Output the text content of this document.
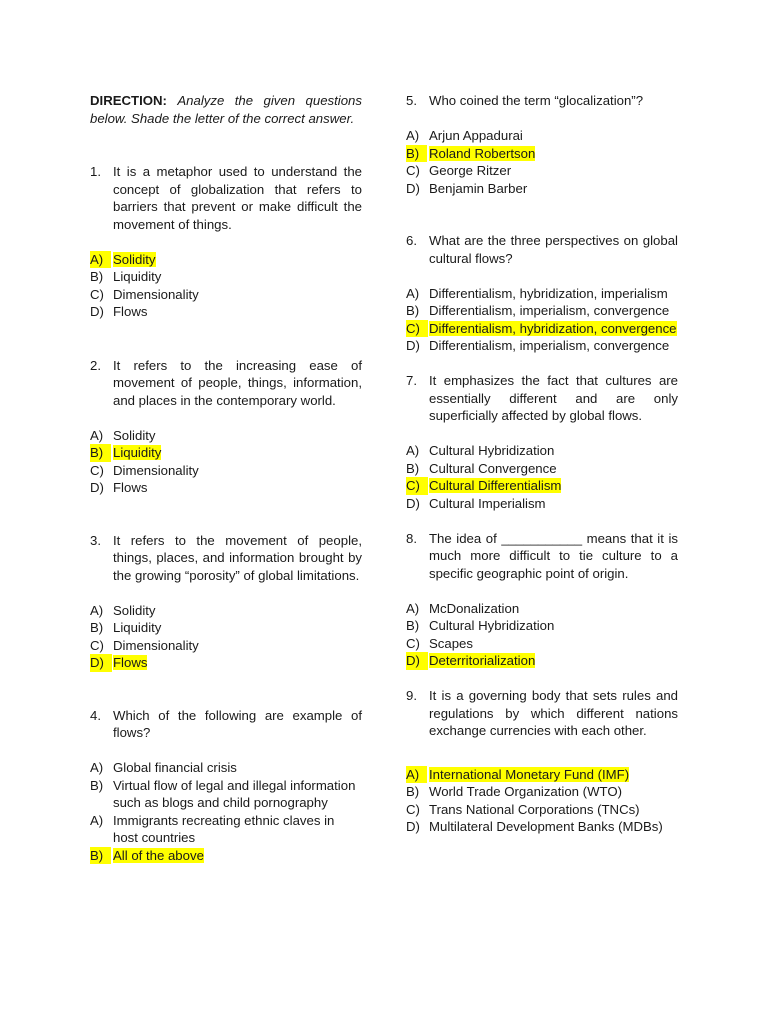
DIRECTION: Analyze the given questions below. Shade the letter of the correct answer.
1. It is a metaphor used to understand the concept of globalization that refers to barriers that prevent or make difficult the movement of things.
A) Solidity
B) Liquidity
C) Dimensionality
D) Flows
2. It refers to the increasing ease of movement of people, things, information, and places in the contemporary world.
A) Solidity
B) Liquidity
C) Dimensionality
D) Flows
3. It refers to the movement of people, things, places, and information brought by the growing “porosity” of global limitations.
A) Solidity
B) Liquidity
C) Dimensionality
D) Flows
4. Which of the following are example of flows?
A) Global financial crisis
B) Virtual flow of legal and illegal information such as blogs and child pornography
A) Immigrants recreating ethnic claves in host countries
B) All of the above
5. Who coined the term “glocalization”?
A) Arjun Appadurai
B) Roland Robertson
C) George Ritzer
D) Benjamin Barber
6. What are the three perspectives on global cultural flows?
A) Differentialism, hybridization, imperialism
B) Differentialism, imperialism, convergence
C) Differentialism, hybridization, convergence
D) Differentialism, imperialism, convergence
7. It emphasizes the fact that cultures are essentially different and are only superficially affected by global flows.
A) Cultural Hybridization
B) Cultural Convergence
C) Cultural Differentialism
D) Cultural Imperialism
8. The idea of ___________ means that it is much more difficult to tie culture to a specific geographic point of origin.
A) McDonalization
B) Cultural Hybridization
C) Scapes
D) Deterritorialization
9. It is a governing body that sets rules and regulations by which different nations exchange currencies with each other.
A) International Monetary Fund (IMF)
B) World Trade Organization (WTO)
C) Trans National Corporations (TNCs)
D) Multilateral Development Banks (MDBs)
